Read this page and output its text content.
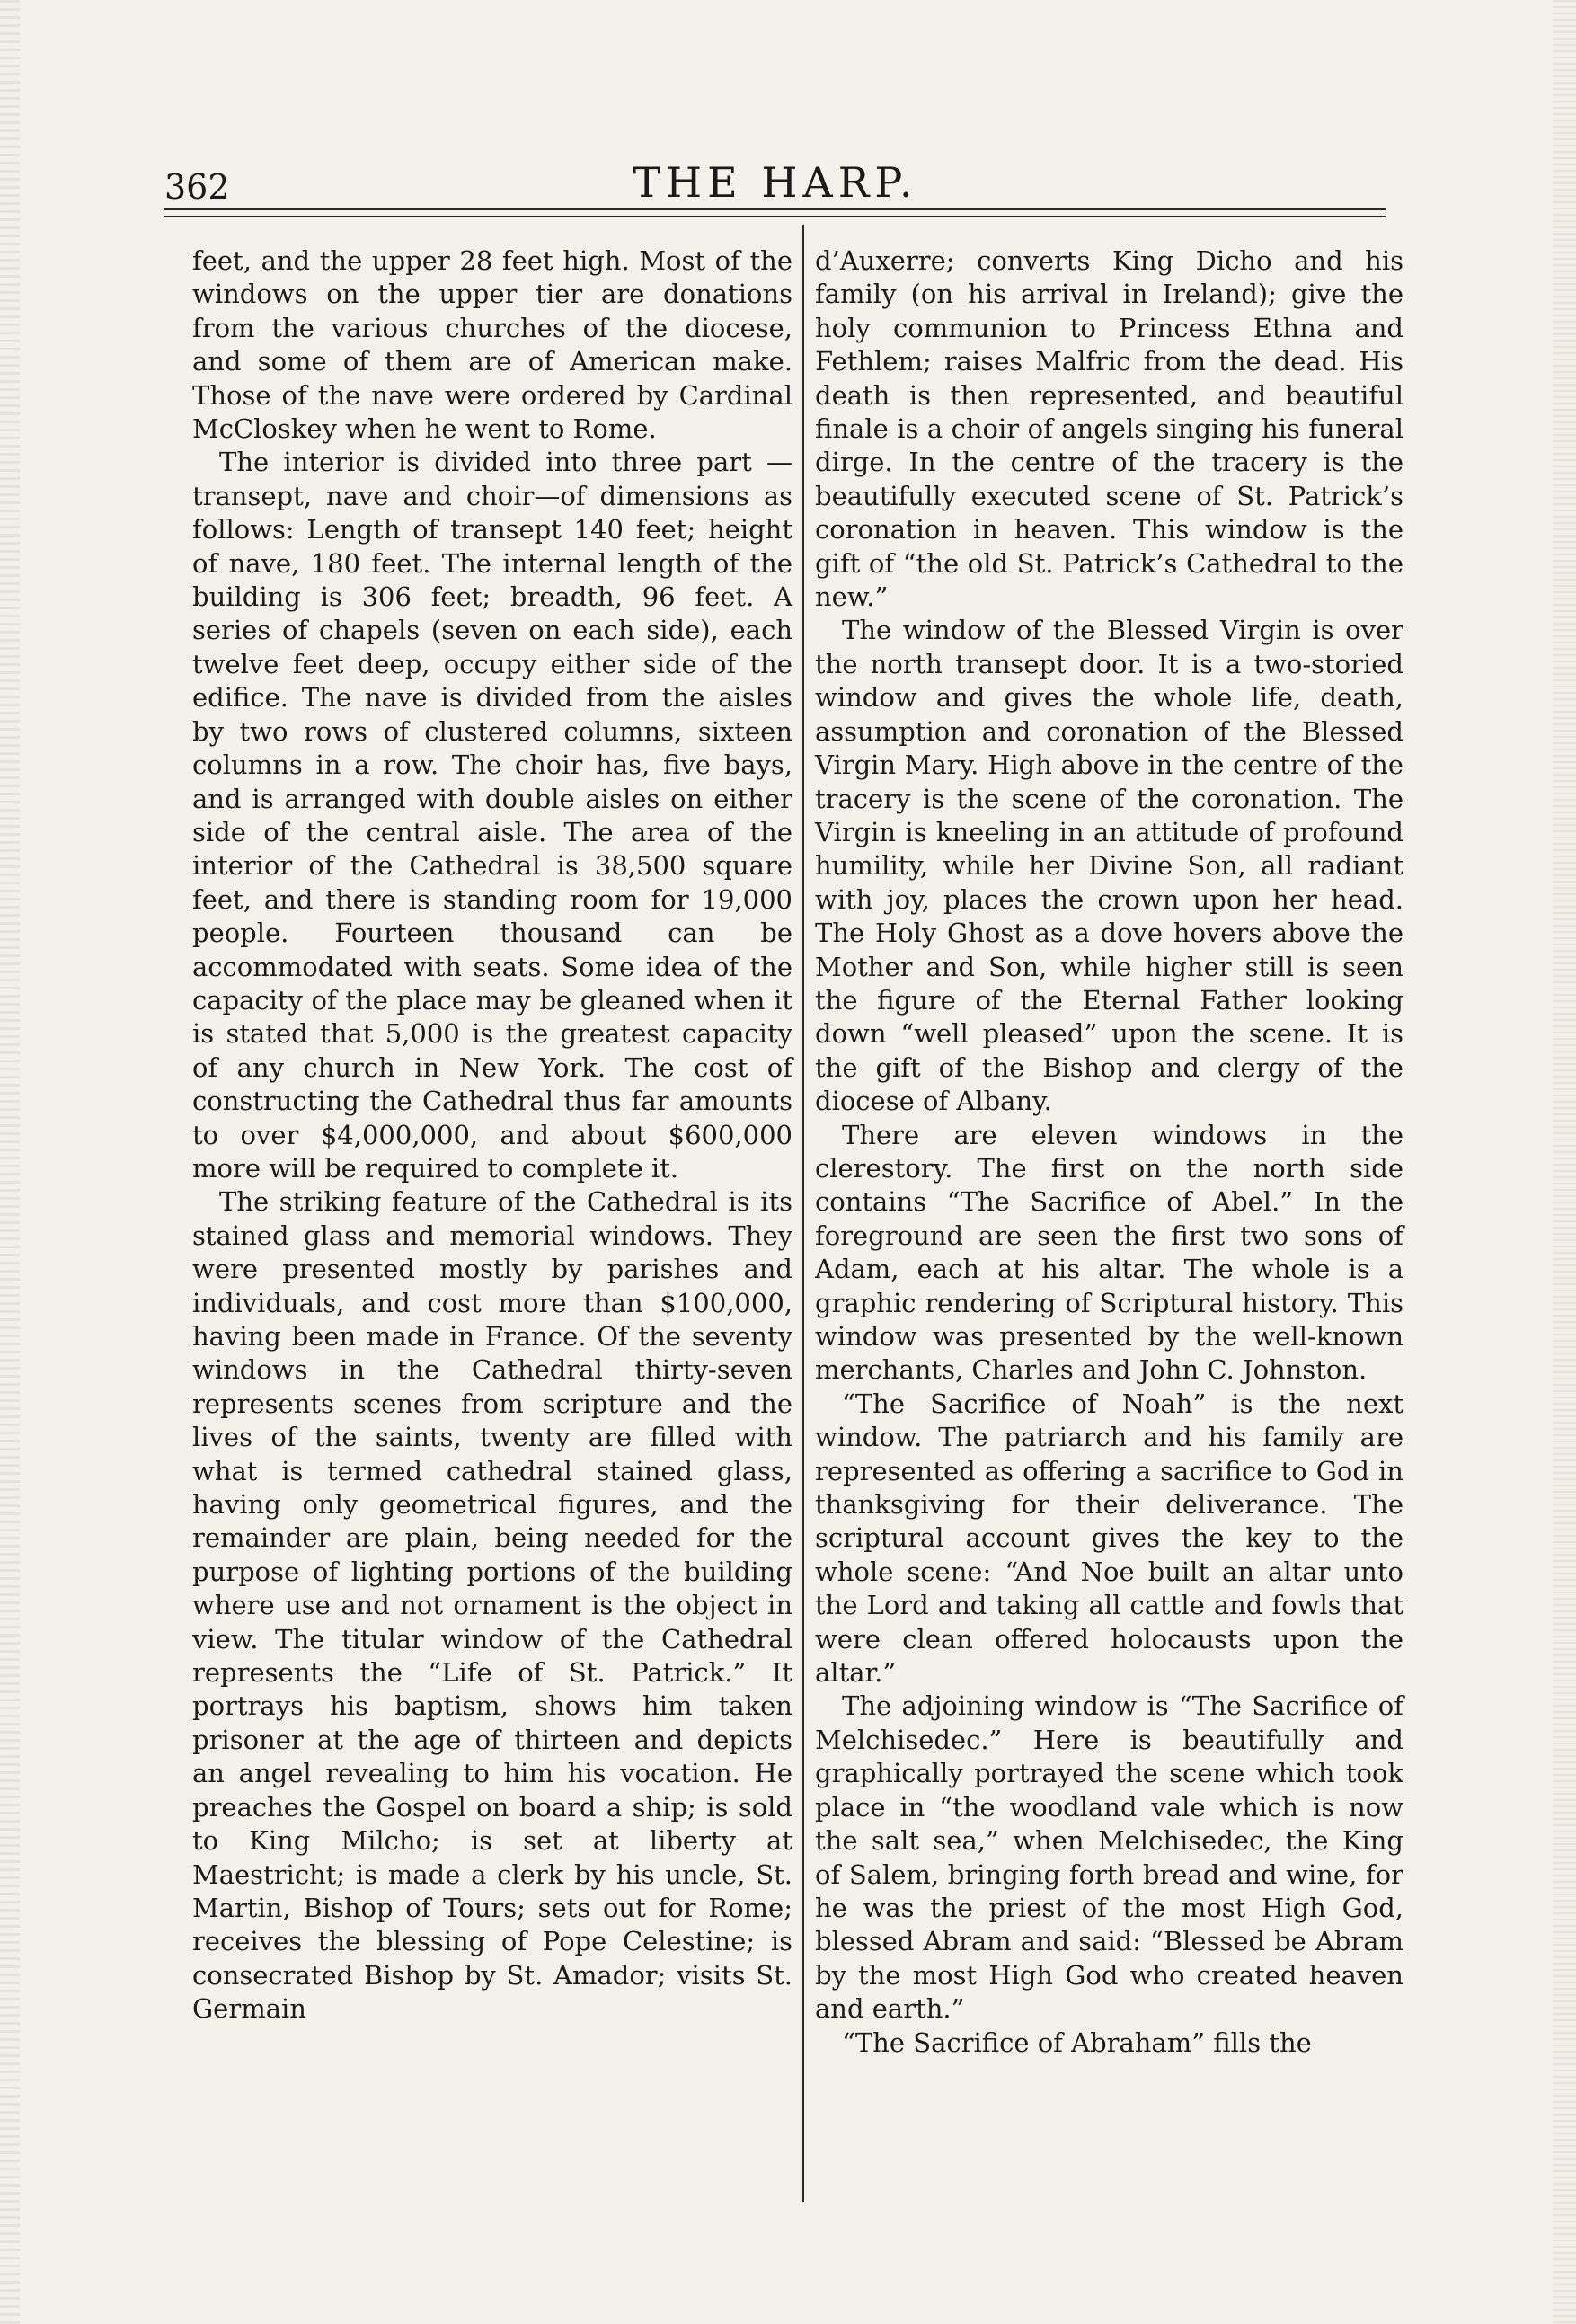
362	THE HARP.

feet, and the upper 28 feet high. Most of the windows on the upper tier are donations from the various churches of the diocese, and some of them are of American make. Those of the nave were ordered by Cardinal McCloskey when he went to Rome.

The interior is divided into three part —transept, nave and choir—of dimensions as follows: Length of transept 140 feet; height of nave, 180 feet. The internal length of the building is 306 feet; breadth, 96 feet. A series of chapels (seven on each side), each twelve feet deep, occupy either side of the edifice. The nave is divided from the aisles by two rows of clustered columns, sixteen columns in a row. The choir has, five bays, and is arranged with double aisles on either side of the central aisle. The area of the interior of the Cathedral is 38,500 square feet, and there is standing room for 19,000 people. Fourteen thousand can be accommodated with seats. Some idea of the capacity of the place may be gleaned when it is stated that 5,000 is the greatest capacity of any church in New York. The cost of constructing the Cathedral thus far amounts to over $4,000,000, and about $600,000 more will be required to complete it.

The striking feature of the Cathedral is its stained glass and memorial windows. They were presented mostly by parishes and individuals, and cost more than $100,000, having been made in France. Of the seventy windows in the Cathedral thirty-seven represents scenes from scripture and the lives of the saints, twenty are filled with what is termed cathedral stained glass, having only geometrical figures, and the remainder are plain, being needed for the purpose of lighting portions of the building where use and not ornament is the object in view. The titular window of the Cathedral represents the “Life of St. Patrick.” It portrays his baptism, shows him taken prisoner at the age of thirteen and depicts an angel revealing to him his vocation. He preaches the Gospel on board a ship; is sold to King Milcho; is set at liberty at Maestricht; is made a clerk by his uncle, St. Martin, Bishop of Tours; sets out for Rome; receives the blessing of Pope Celestine; is consecrated Bishop by St. Amador; visits St. Germain

d’Auxerre; converts King Dicho and his family (on his arrival in Ireland); give the holy communion to Princess Ethna and Fethlem; raises Malfric from the dead. His death is then represented, and beautiful finale is a choir of angels singing his funeral dirge. In the centre of the tracery is the beautifully executed scene of St. Patrick’s coronation in heaven. This window is the gift of “the old St. Patrick’s Cathedral to the new.”

The window of the Blessed Virgin is over the north transept door. It is a two-storied window and gives the whole life, death, assumption and coronation of the Blessed Virgin Mary. High above in the centre of the tracery is the scene of the coronation. The Virgin is kneeling in an attitude of profound humility, while her Divine Son, all radiant with joy, places the crown upon her head. The Holy Ghost as a dove hovers above the Mother and Son, while higher still is seen the figure of the Eternal Father looking down “well pleased” upon the scene. It is the gift of the Bishop and clergy of the diocese of Albany.

There are eleven windows in the clerestory. The first on the north side contains “The Sacrifice of Abel.” In the foreground are seen the first two sons of Adam, each at his altar. The whole is a graphic rendering of Scriptural history. This window was presented by the well-known merchants, Charles and John C. Johnston.

“The Sacrifice of Noah” is the next window. The patriarch and his family are represented as offering a sacrifice to God in thanksgiving for their deliverance. The scriptural account gives the key to the whole scene: “And Noe built an altar unto the Lord and taking all cattle and fowls that were clean offered holocausts upon the altar.”

The adjoining window is “The Sacrifice of Melchisedec.” Here is beautifully and graphically portrayed the scene which took place in “the woodland vale which is now the salt sea,” when Melchisedec, the King of Salem, bringing forth bread and wine, for he was the priest of the most High God, blessed Abram and said: “Blessed be Abram by the most High God who created heaven and earth.”

“The Sacrifice of Abraham” fills the
